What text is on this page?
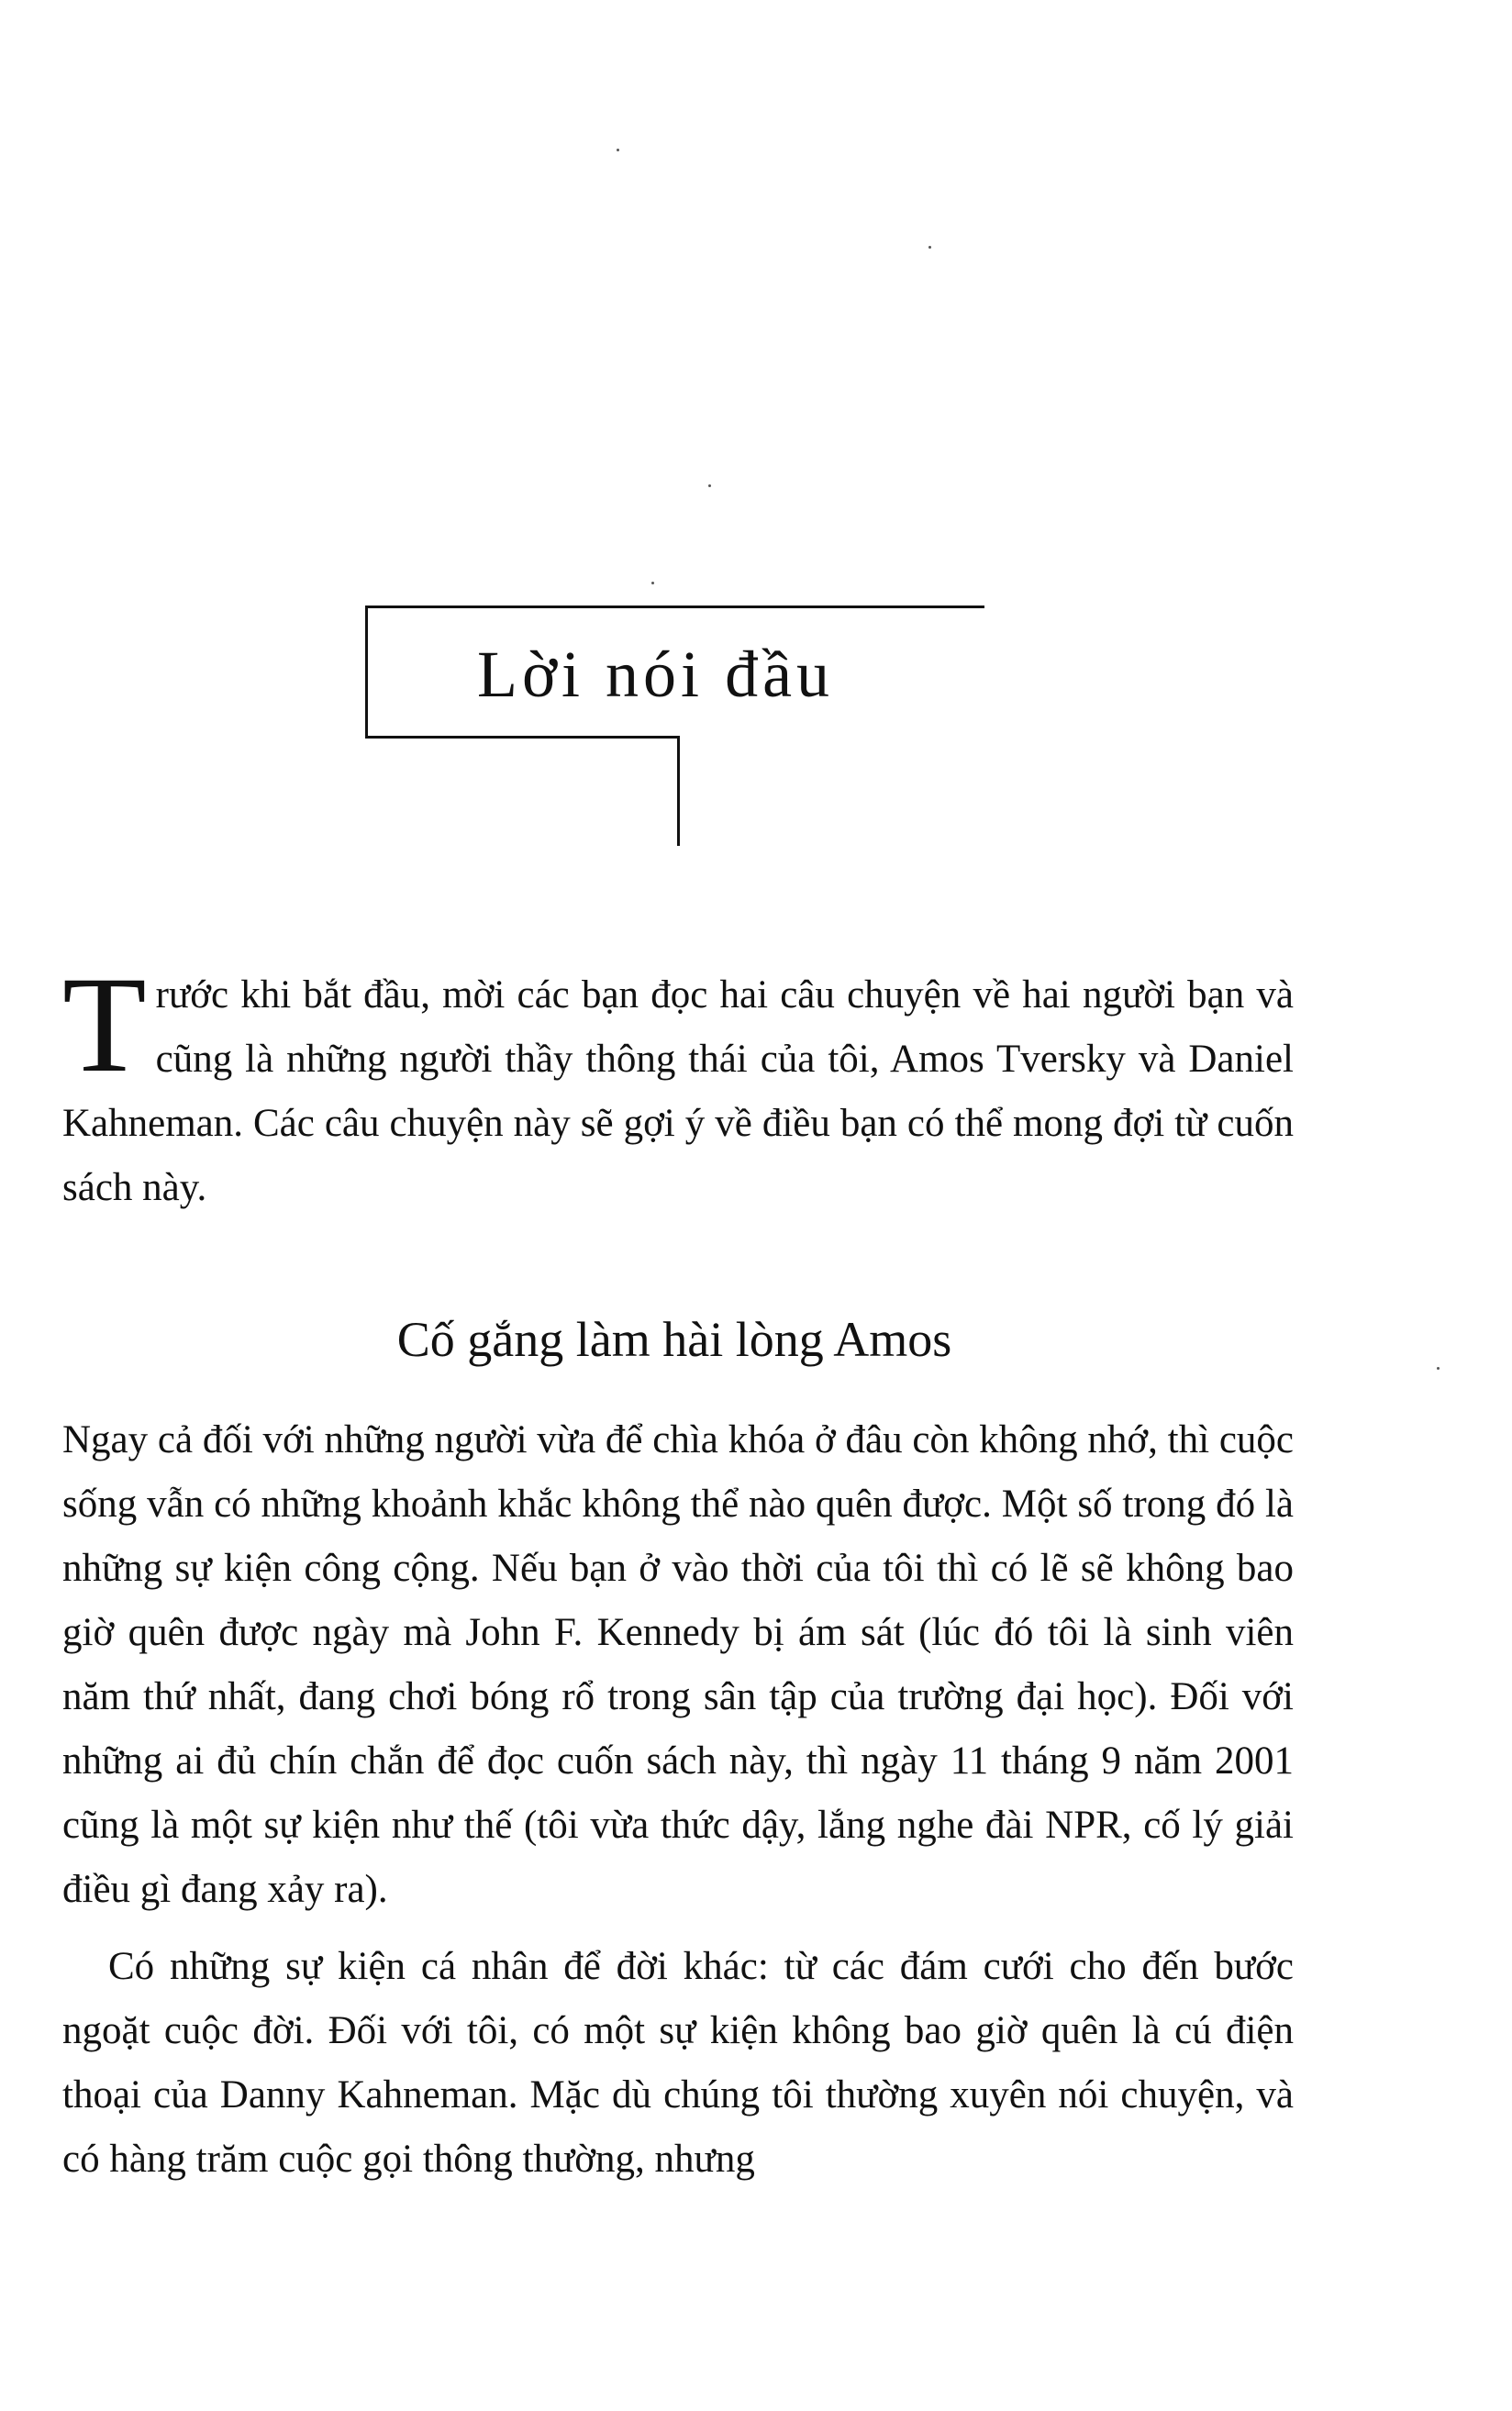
Lời nói đầu

Trước khi bắt đầu, mời các bạn đọc hai câu chuyện về hai người bạn và cũng là những người thầy thông thái của tôi, Amos Tversky và Daniel Kahneman. Các câu chuyện này sẽ gợi ý về điều bạn có thể mong đợi từ cuốn sách này.

Cố gắng làm hài lòng Amos

Ngay cả đối với những người vừa để chìa khóa ở đâu còn không nhớ, thì cuộc sống vẫn có những khoảnh khắc không thể nào quên được. Một số trong đó là những sự kiện công cộng. Nếu bạn ở vào thời của tôi thì có lẽ sẽ không bao giờ quên được ngày mà John F. Kennedy bị ám sát (lúc đó tôi là sinh viên năm thứ nhất, đang chơi bóng rổ trong sân tập của trường đại học). Đối với những ai đủ chín chắn để đọc cuốn sách này, thì ngày 11 tháng 9 năm 2001 cũng là một sự kiện như thế (tôi vừa thức dậy, lắng nghe đài NPR, cố lý giải điều gì đang xảy ra).

Có những sự kiện cá nhân để đời khác: từ các đám cưới cho đến bước ngoặt cuộc đời. Đối với tôi, có một sự kiện không bao giờ quên là cú điện thoại của Danny Kahneman. Mặc dù chúng tôi thường xuyên nói chuyện, và có hàng trăm cuộc gọi thông thường, nhưng
